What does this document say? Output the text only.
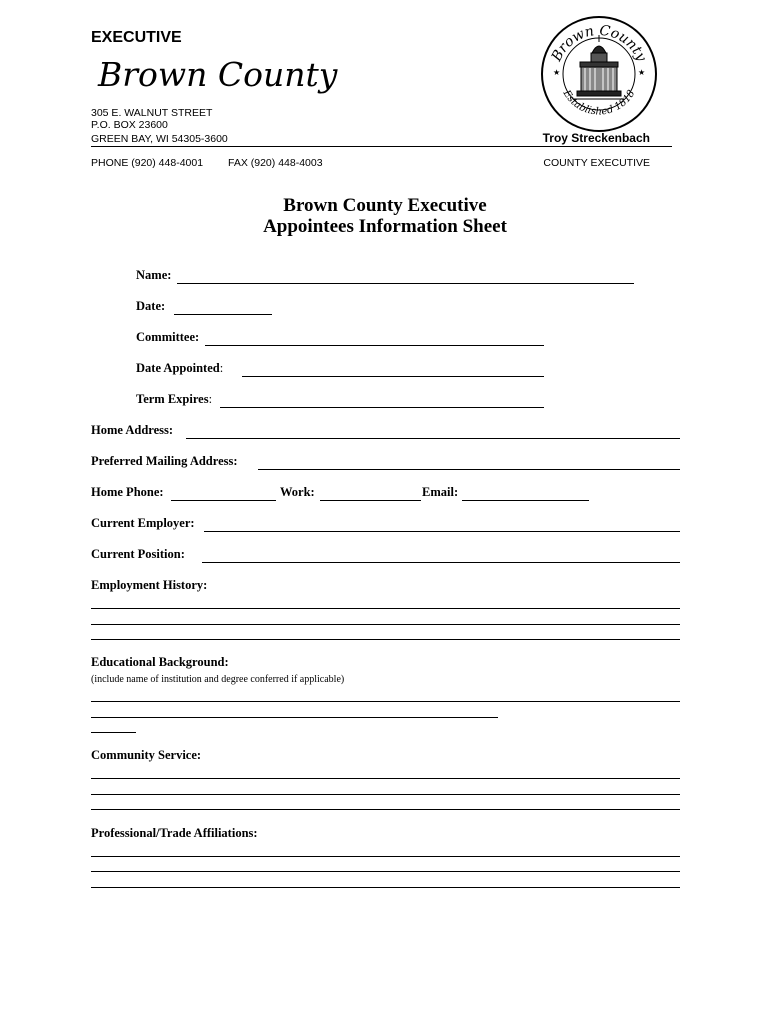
EXECUTIVE
Brown County
305 E. WALNUT STREET
P.O. BOX 23600
GREEN BAY, WI 54305-3600	Troy Streckenbach
PHONE (920) 448-4001 FAX (920) 448-4003	COUNTY EXECUTIVE
Brown County
Established 1818
★	★
Brown County Executive
Appointees Information Sheet
Name:
Date:
Committee:
Date Appointed:
Term Expires:
Home Address:
Preferred Mailing Address:
Home Phone:	Work:	Email:
Current Employer:
Current Position:
Employment History:
Educational Background:
(include name of institution and degree conferred if applicable)
Community Service:
Professional/Trade Affiliations:
